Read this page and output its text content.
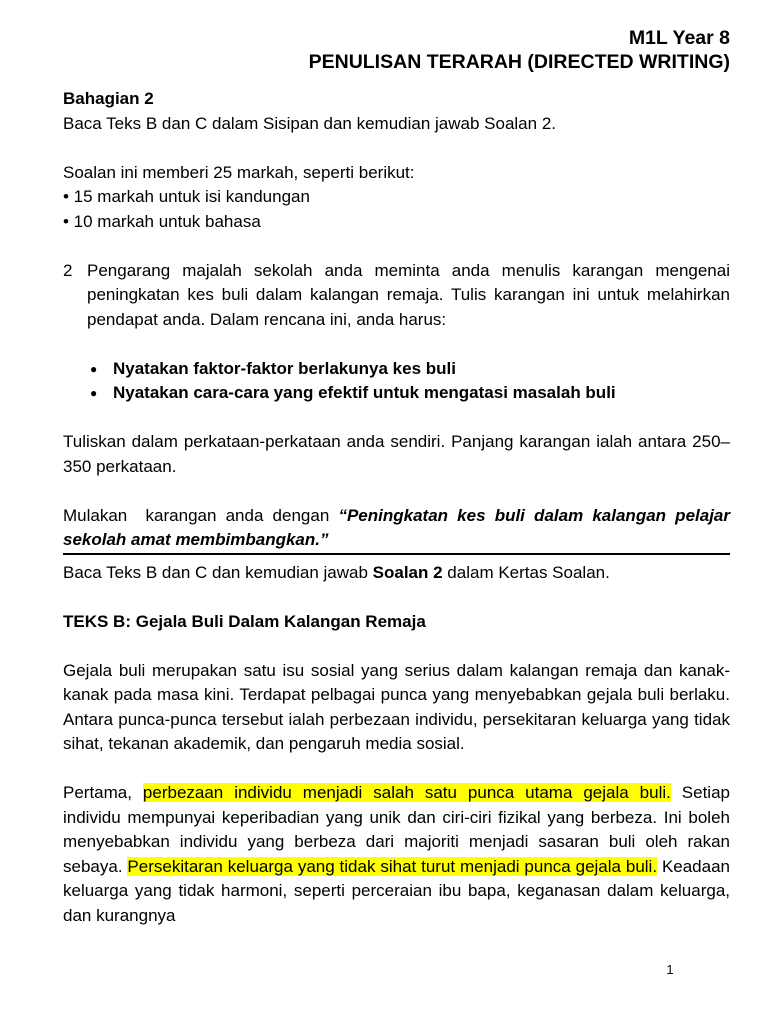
M1L Year 8
PENULISAN TERARAH (DIRECTED WRITING)
Bahagian 2
Baca Teks B dan C dalam Sisipan dan kemudian jawab Soalan 2.
Soalan ini memberi 25 markah, seperti berikut:
• 15 markah untuk isi kandungan
• 10 markah untuk bahasa
2 Pengarang majalah sekolah anda meminta anda menulis karangan mengenai peningkatan kes buli dalam kalangan remaja. Tulis karangan ini untuk melahirkan pendapat anda. Dalam rencana ini, anda harus:
● Nyatakan faktor-faktor berlakunya kes buli
● Nyatakan cara-cara yang efektif untuk mengatasi masalah buli
Tuliskan dalam perkataan-perkataan anda sendiri. Panjang karangan ialah antara 250–350 perkataan.
Mulakan  karangan anda dengan “Peningkatan kes buli dalam kalangan pelajar sekolah amat membimbangkan.”
Baca Teks B dan C dan kemudian jawab Soalan 2 dalam Kertas Soalan.
TEKS B: Gejala Buli Dalam Kalangan Remaja
Gejala buli merupakan satu isu sosial yang serius dalam kalangan remaja dan kanak-kanak pada masa kini. Terdapat pelbagai punca yang menyebabkan gejala buli berlaku. Antara punca-punca tersebut ialah perbezaan individu, persekitaran keluarga yang tidak sihat, tekanan akademik, dan pengaruh media sosial.
Pertama, perbezaan individu menjadi salah satu punca utama gejala buli. Setiap individu mempunyai keperibadian yang unik dan ciri-ciri fizikal yang berbeza. Ini boleh menyebabkan individu yang berbeza dari majoriti menjadi sasaran buli oleh rakan sebaya. Persekitaran keluarga yang tidak sihat turut menjadi punca gejala buli. Keadaan keluarga yang tidak harmoni, seperti perceraian ibu bapa, keganasan dalam keluarga, dan kurangnya
1
